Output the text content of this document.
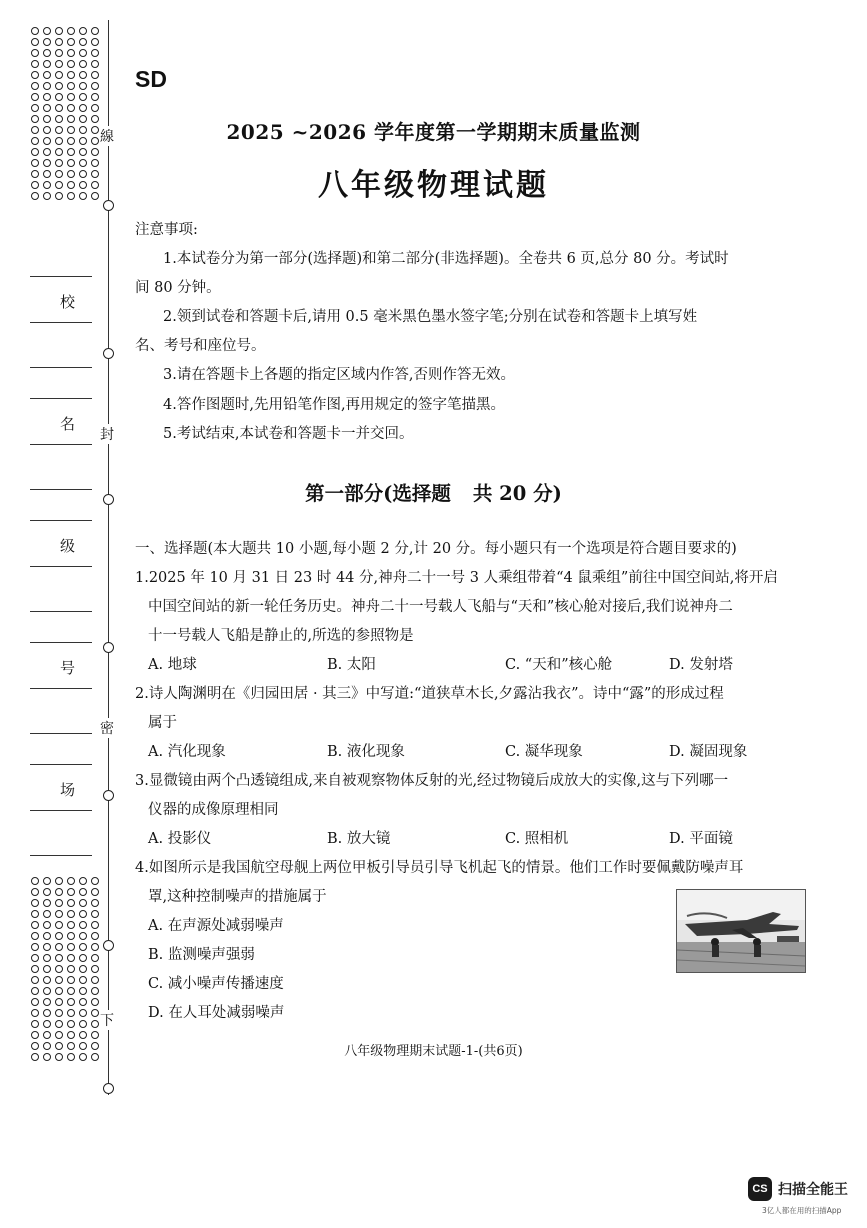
線
封
密
下
校
名
级
号
场
SD
2025 ~2026 学年度第一学期期末质量监测
八年级物理试题
注意事项:
1.本试卷分为第一部分(选择题)和第二部分(非选择题)。全卷共 6 页,总分 80 分。考试时
间 80 分钟。
2.领到试卷和答题卡后,请用 0.5 毫米黑色墨水签字笔;分别在试卷和答题卡上填写姓
名、考号和座位号。
3.请在答题卡上各题的指定区域内作答,否则作答无效。
4.答作图题时,先用铅笔作图,再用规定的签字笔描黑。
5.考试结束,本试卷和答题卡一并交回。
第一部分(选择题 共 20 分)
一、选择题(本大题共 10 小题,每小题 2 分,计 20 分。每小题只有一个选项是符合题目要求的)
1.2025 年 10 月 31 日 23 时 44 分,神舟二十一号 3 人乘组带着“4 鼠乘组”前往中国空间站,将开启
中国空间站的新一轮任务历史。神舟二十一号载人飞船与“天和”核心舱对接后,我们说神舟二
十一号载人飞船是静止的,所选的参照物是
A. 地球	B. 太阳	C. “天和”核心舱	D. 发射塔
2.诗人陶渊明在《归园田居 · 其三》中写道:“道狭草木长,夕露沾我衣”。诗中“露”的形成过程
属于
A. 汽化现象	B. 液化现象	C. 凝华现象	D. 凝固现象
3.显微镜由两个凸透镜组成,来自被观察物体反射的光,经过物镜后成放大的实像,这与下列哪一
仪器的成像原理相同
A. 投影仪	B. 放大镜	C. 照相机	D. 平面镜
4.如图所示是我国航空母舰上两位甲板引导员引导飞机起飞的情景。他们工作时要佩戴防噪声耳
罩,这种控制噪声的措施属于
A. 在声源处减弱噪声
B. 监测噪声强弱
C. 减小噪声传播速度
D. 在人耳处减弱噪声
八年级物理期末试题-1-(共6页)
CS 扫描全能王
3亿人都在用的扫描App
